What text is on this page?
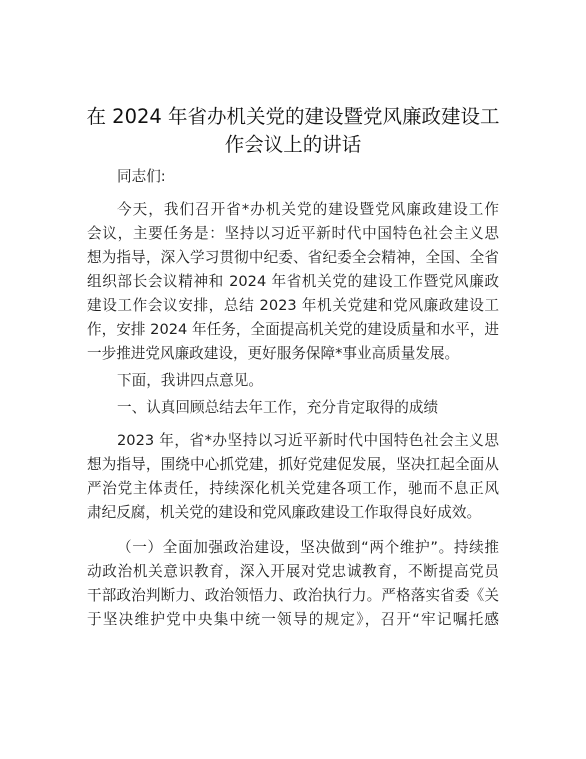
在 2024 年省办机关党的建设暨党风廉政建设工
作会议上的讲话
同志们:
今天，我们召开省*办机关党的建设暨党风廉政建设工作
会议，主要任务是：坚持以习近平新时代中国特色社会主义思
想为指导，深入学习贯彻中纪委、省纪委全会精神，全国、全省
组织部长会议精神和 2024 年省机关党的建设工作暨党风廉政
建设工作会议安排，总结 2023 年机关党建和党风廉政建设工
作，安排 2024 年任务，全面提高机关党的建设质量和水平，进
一步推进党风廉政建设，更好服务保障*事业高质量发展。
下面，我讲四点意见。
一、认真回顾总结去年工作，充分肯定取得的成绩
2023 年，省*办坚持以习近平新时代中国特色社会主义思
想为指导，围绕中心抓党建，抓好党建促发展，坚决扛起全面从
严治党主体责任，持续深化机关党建各项工作，驰而不息正风
肃纪反腐，机关党的建设和党风廉政建设工作取得良好成效。
（一）全面加强政治建设，坚决做到“两个维护”。持续推
动政治机关意识教育，深入开展对党忠诚教育，不断提高党员
干部政治判断力、政治领悟力、政治执行力。严格落实省委《关
于坚决维护党中央集中统一领导的规定》，召开“牢记嘱托感
